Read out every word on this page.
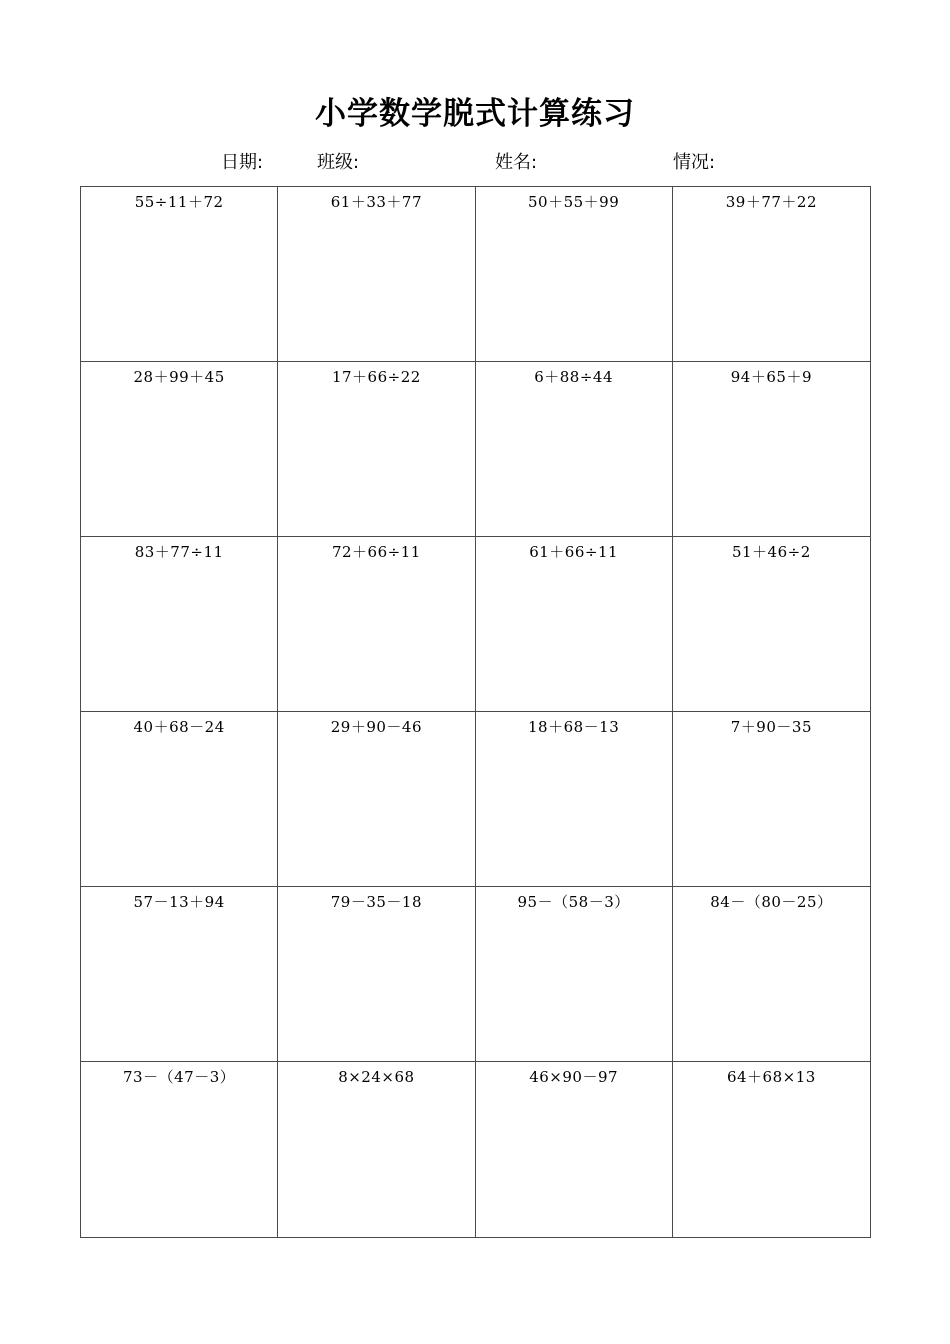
小学数学脱式计算练习
日期:	班级:	姓名:	情况:
55÷11＋72	61＋33＋77	50＋55＋99	39＋77＋22
28＋99＋45	17＋66÷22	6＋88÷44	94＋65＋9
83＋77÷11	72＋66÷11	61＋66÷11	51＋46÷2
40＋68－24	29＋90－46	18＋68－13	7＋90－35
57－13＋94	79－35－18	95－（58－3）	84－（80－25）
73－（47－3）	8×24×68	46×90－97	64＋68×13
